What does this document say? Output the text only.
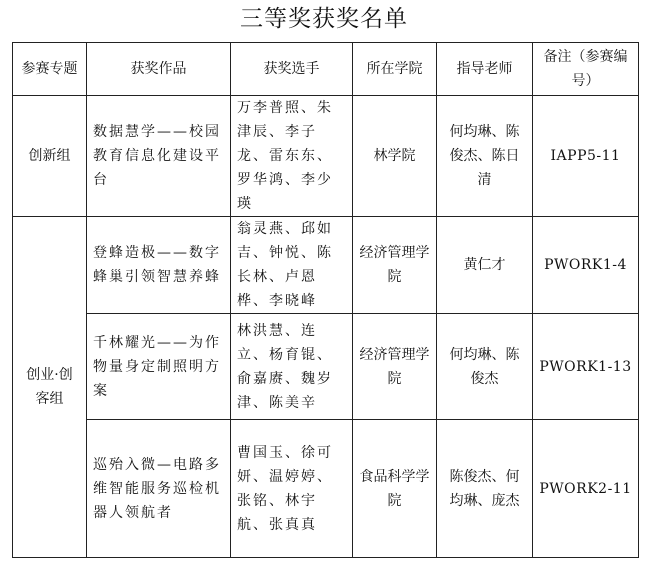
三等奖获奖名单
参赛专题	获奖作品	获奖选手	所在学院	指导老师	备注（参赛编号）
创新组	数据慧学——校园教育信息化建设平台	万李普照、朱津辰、李子龙、雷东东、罗华鸿、李少瑛	林学院	何均琳、陈俊杰、陈日清	IAPP5-11
创业·创客组	登蜂造极——数字蜂巢引领智慧养蜂	翁灵燕、邱如吉、钟悦、陈长林、卢恩桦、李晓峰	经济管理学院	黄仁才	PWORK1-4
	千林耀光——为作物量身定制照明方案	林洪慧、连立、杨育锟、俞嘉赓、魏岁津、陈美辛	经济管理学院	何均琳、陈俊杰	PWORK1-13
	巡殆入微—电路多维智能服务巡检机器人领航者	曹国玉、徐可妍、温婷婷、张铭、林宇航、张真真	食品科学学院	陈俊杰、何均琳、庞杰	PWORK2-11
